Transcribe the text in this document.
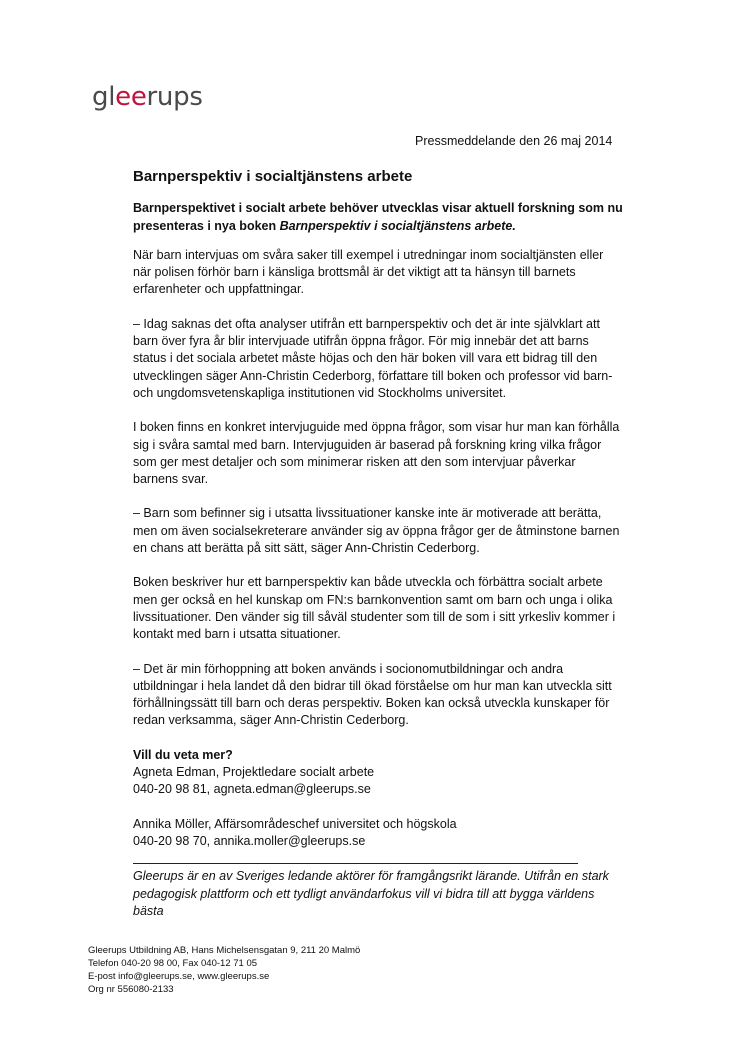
gleerups
Pressmeddelande den 26 maj 2014
Barnperspektiv i socialtjänstens arbete
Barnperspektivet i socialt arbete behöver utvecklas visar aktuell forskning som nu presenteras i nya boken Barnperspektiv i socialtjänstens arbete.

När barn intervjuas om svåra saker till exempel i utredningar inom socialtjänsten eller när polisen förhör barn i känsliga brottsmål är det viktigt att ta hänsyn till barnets erfarenheter och uppfattningar.

– Idag saknas det ofta analyser utifrån ett barnperspektiv och det är inte självklart att barn över fyra år blir intervjuade utifrån öppna frågor. För mig innebär det att barns status i det sociala arbetet måste höjas och den här boken vill vara ett bidrag till den utvecklingen säger Ann-Christin Cederborg, författare till boken och professor vid barn- och ungdomsvetenskapliga institutionen vid Stockholms universitet.

I boken finns en konkret intervjuguide med öppna frågor, som visar hur man kan förhålla sig i svåra samtal med barn. Intervjuguiden är baserad på forskning kring vilka frågor som ger mest detaljer och som minimerar risken att den som intervjuar påverkar barnens svar.

– Barn som befinner sig i utsatta livssituationer kanske inte är motiverade att berätta, men om även socialsekreterare använder sig av öppna frågor ger de åtminstone barnen en chans att berätta på sitt sätt, säger Ann-Christin Cederborg.

Boken beskriver hur ett barnperspektiv kan både utveckla och förbättra socialt arbete men ger också en hel kunskap om FN:s barnkonvention samt om barn och unga i olika livssituationer. Den vänder sig till såväl studenter som till de som i sitt yrkesliv kommer i kontakt med barn i utsatta situationer.

– Det är min förhoppning att boken används i socionomutbildningar och andra utbildningar i hela landet då den bidrar till ökad förståelse om hur man kan utveckla sitt förhållningssätt till barn och deras perspektiv. Boken kan också utveckla kunskaper för redan verksamma, säger Ann-Christin Cederborg.

Vill du veta mer?
Agneta Edman, Projektledare socialt arbete
040-20 98 81, agneta.edman@gleerups.se
Annika Möller, Affärsområdeschef universitet och högskola
040-20 98 70, annika.moller@gleerups.se
Gleerups är en av Sveriges ledande aktörer för framgångsrikt lärande. Utifrån en stark pedagogisk plattform och ett tydligt användarfokus vill vi bidra till att bygga världens bästa
Gleerups Utbildning AB, Hans Michelsensgatan 9, 211 20 Malmö
Telefon 040-20 98 00, Fax 040-12 71 05
E-post info@gleerups.se, www.gleerups.se
Org nr 556080-2133
